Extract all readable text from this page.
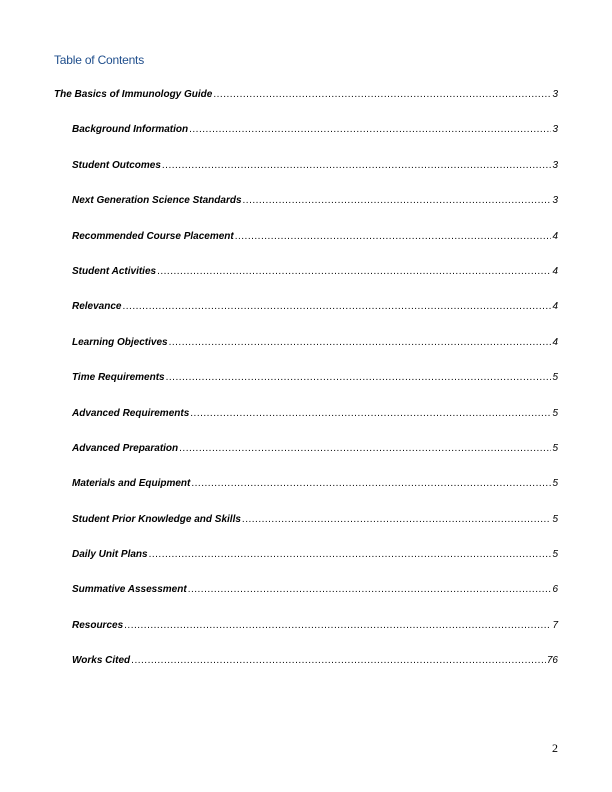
Table of Contents
The Basics of Immunology Guide .....	3
Background Information .....	3
Student Outcomes .....	3
Next Generation Science Standards .....	3
Recommended Course Placement .....	4
Student Activities .....	4
Relevance .....	4
Learning Objectives .....	4
Time Requirements .....	5
Advanced Requirements .....	5
Advanced Preparation .....	5
Materials and Equipment .....	5
Student Prior Knowledge and Skills .....	5
Daily Unit Plans .....	5
Summative Assessment .....	6
Resources .....	7
Works Cited .....	76
2
